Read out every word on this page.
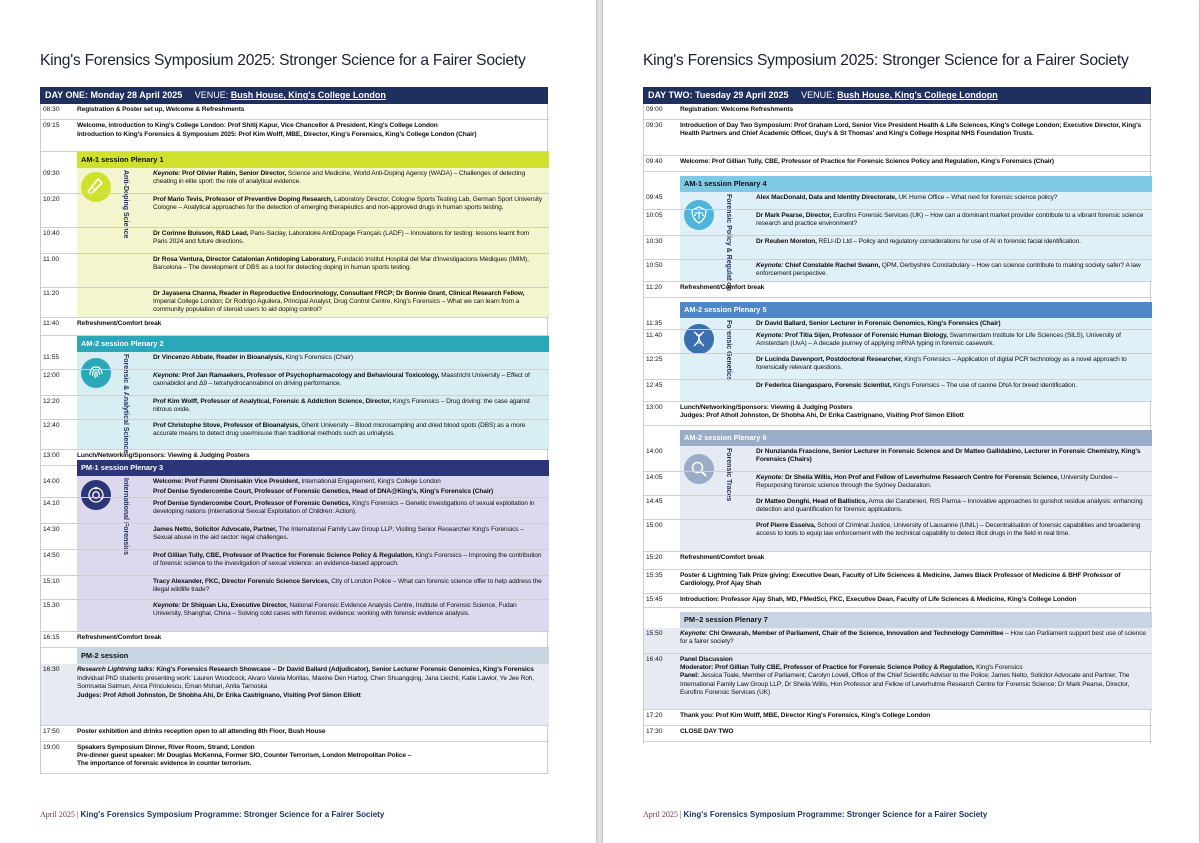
King's Forensics Symposium 2025: Stronger Science for a Fairer Society
DAY ONE: Monday 28 April 2025 VENUE: Bush House, King's College London
08:30	Registration & Poster set up, Welcome & Refreshments
09:15	Welcome, introduction to King's College London: Prof Shitij Kapur, Vice Chancellor & President, King's College London
Introduction to King's Forensics & Symposium 2025: Prof Kim Wolff, MBE, Director, King's Forensics, King's College London (Chair)
AM-1 session Plenary 1
Anti-Doping Science
09:30	Keynote: Prof Olivier Rabin, Senior Director, Science and Medicine, World Anti-Doping Agency (WADA) – Challenges of detecting cheating in elite sport: the role of analytical evidence.
10:20	Prof Mario Tevis, Professor of Preventive Doping Research, Laboratory Director, Cologne Sports Testing Lab, German Sport University Cologne – Analytical approaches for the detection of emerging therapeutics and non-approved drugs in human sports testing.
10:40	Dr Corinne Buisson, R&D Lead, Paris-Saclay, Laboratoire AntiDopage Français (LADF) – Innovations for testing: lessons learnt from Paris 2024 and future directions.
11.00	Dr Rosa Ventura, Director Catalonian Antidoping Laboratory, Fundació Institut Hospital del Mar d'Investigacions Mèdiques (IMIM), Barcelona – The development of DBS as a tool for detecting doping in human sports testing.
11:20	Dr Jayasena Channa, Reader in Reproductive Endocrinology, Consultant FRCP; Dr Bonnie Grant, Clinical Research Fellow, Imperial College London; Dr Rodrigo Aguilera, Principal Analyst, Drug Control Centre, King's Forensics – What we can learn from a community population of steroid users to aid doping control?
11:40	Refreshment/Comfort break
AM-2 session Plenary 2
Forensic & Analytical Science
11:55	Dr Vincenzo Abbate, Reader in Bioanalysis, King's Forensics (Chair)
12:00	Keynote: Prof Jan Ramaekers, Professor of Psychopharmacology and Behavioural Toxicology, Maastricht University – Effect of cannabidiol and Δ9 – tetrahydrocannabinol on driving performance.
12:20	Prof Kim Wolff, Professor of Analytical, Forensic & Addiction Science, Director, King's Forensics – Drug driving: the case against nitrous oxide.
12:40	Prof Christophe Stove, Professor of Bioanalysis, Ghent University – Blood microsampling and dried blood spots (DBS) as a more accurate means to detect drug use/misuse than traditional methods such as urinalysis.
13:00	Lunch/Networking/Sponsors: Viewing & Judging Posters
PM-1 session Plenary 3
International Forensics
14:00	Welcome: Prof Funmi Olonisakin Vice President, International Engagement, King's College London
Prof Denise Syndercombe Court, Professor of Forensic Genetics, Head of DNA@King's, King's Forensics (Chair)
14.10	Prof Denise Syndercombe Court, Professor of Forensic Genetics, King's Forensics – Genetic investigations of sexual exploitation in developing nations (International Sexual Exploitation of Children: Action).
14:30	James Netto, Solicitor Advocate, Partner, The International Family Law Group LLP; Visiting Senior Researcher King's Forensics – Sexual abuse in the aid sector: legal challenges.
14:50	Prof Gillian Tully, CBE, Professor of Practice for Forensic Science Policy & Regulation, King's Forensics – Improving the contribution of forensic science to the investigation of sexual violence: an evidence-based approach.
15:10	Tracy Alexander, FKC, Director Forensic Science Services, City of London Police – What can forensic science offer to help address the illegal wildlife trade?
15.30	Keynote: Dr Shiquan Liu, Executive Director, National Forensic Evidence Analysis Centre, Institute of Forensic Science, Fudan University, Shanghai, China – Solving cold cases with forensic evidence: working with forensic evidence analysis.
16:15	Refreshment/Comfort break
PM-2 session
16:30	Research Lightning talks: King's Forensics Research Showcase – Dr David Ballard (Adjudicator), Senior Lecturer Forensic Genomics, King's Forensics
Individual PhD students presenting work: Lauren Woodcock, Alvaro Varela Morillas, Maxine Den Hartog, Chen Shuangqing, Jana Liechti, Katie Lawlor, Ye Jee Roh, Somruetai Satmun, Anca Frinculescu, Eman Mshari, Anita Tarnoska
Judges: Prof Atholl Johnston, Dr Shobha Ahi, Dr Erika Castrignano, Visiting Prof Simon Elliott
17:50	Poster exhibition and drinks reception open to all attending 8th Floor, Bush House
19:00	Speakers Symposium Dinner, River Room, Strand, London
Pre-dinner guest speaker: Mr Douglas McKenna, Former SIO, Counter Terrorism, London Metropolitan Police –
The importance of forensic evidence in counter terrorism.
April 2025 | King's Forensics Symposium Programme: Stronger Science for a Fairer Society
King's Forensics Symposium 2025: Stronger Science for a Fairer Society
DAY TWO: Tuesday 29 April 2025 VENUE: Bush House, King's College Londopn
09:00	Registration: Welcome Refreshments
09:30	Introduction of Day Two Symposium: Prof Graham Lord, Senior Vice President Health & Life Sciences, King's College London; Executive Director, King's Health Partners and Chief Academic Officer, Guy's & St Thomas' and King's College Hospital NHS Foundation Trusts.
09:40	Welcome: Prof Gillian Tully, CBE, Professor of Practice for Forensic Science Policy and Regulation, King's Forensics (Chair)
AM-1 session Plenary 4
Forensic Policy & Regulation
09:45	Alex MacDonald, Data and Identity Directorate, UK Home Office – What next for forensic science policy?
10:05	Dr Mark Pearse, Director, Eurofins Forensic Services (UK) – How can a dominant market provider contribute to a vibrant forensic science research and practice environment?
10:30	Dr Reuben Moreton, RELI-ID Ltd – Policy and regulatory considerations for use of AI in forensic facial identification.
10:50	Keynote: Chief Constable Rachel Swann, QPM, Derbyshire Constabulary – How can science contribute to making society safer? A law enforcement perspective.
11:20	Refreshment/Comfort break
AM-2 session Plenary 5
Forensic Genetics
11:35	Dr David Ballard, Senior Lecturer in Forensic Genomics, King's Forensics (Chair)
11:40	Keynote: Prof Titia Sijen, Professor of Forensic Human Biology, Swammerdam Institute for Life Sciences (SILS), University of Amsterdam (UvA) – A decade journey of applying mRNA typing in forensic casework.
12:25	Dr Lucinda Davenport, Postdoctoral Researcher, King's Forensics – Application of digital PCR technology as a novel approach to forensically relevant questions.
12:45	Dr Federica Giangasparo, Forensic Scientist, King's Forensics – The use of canine DNA for breed identification.
13:00	Lunch/Networking/Sponsors: Viewing & Judging Posters
Judges: Prof Atholl Johnston, Dr Shobha Ahi, Dr Erika Castrignano, Visiting Prof Simon Elliott
AM-2 session Plenary 6
Forensic Traces
14:00	Dr Nunzianda Frascione, Senior Lecturer in Forensic Science and Dr Matteo Gallidabino, Lecturer in Forensic Chemistry, King's Forensics (Chairs)
14:05	Keynote: Dr Sheila Willis, Hon Prof and Fellow of Leverhulme Research Centre for Forensic Science, University Dundee – Repurposing forensic science through the Sydney Declaration.
14:45	Dr Matteo Donghi, Head of Ballistics, Arma dei Carabinieri, RIS Parma – Innovative approaches to gunshot residue analysis: enhancing detection and quantification for forensic applications.
15:00	Prof Pierre Esseiva, School of Criminal Justice, University of Lausanne (UNIL) – Decentralisation of forensic capabilities and broadening access to tools to equip law enforcement with the technical capability to detect illicit drugs in the field in real time.
15:20	Refreshment/Comfort break
15:35	Poster & Lightning Talk Prize giving: Executive Dean, Faculty of Life Sciences & Medicine, James Black Professor of Medicine & BHF Professor of Cardiology, Prof Ajay Shah
15:45	Introduction: Professor Ajay Shah, MD, FMedSci, FKC, Executive Dean, Faculty of Life Sciences & Medicine, King's College London
PM–2 session Plenary 7
15:50	Keynote: Chi Onwurah, Member of Parliament, Chair of the Science, Innovation and Technology Committee – How can Parliament support best use of science for a fairer society?
16:40	Panel Discussion
Moderator: Prof Gillian Tully CBE, Professor of Practice for Forensic Science Policy & Regulation, King's Forensics
Panel: Jessica Toale, Member of Parliament; Carolyn Lovell, Office of the Chief Scientific Advisor to the Police; James Netto, Solicitor Advocate and Partner, The International Family Law Group LLP; Dr Sheila Willis, Hon Professor and Fellow of Leverhulme Research Centre for Forensic Science; Dr Mark Pearse, Director, Eurofins Forensic Services (UK)
17:20	Thank you: Prof Kim Wolff, MBE, Director King's Forensics, King's College London
17:30	CLOSE DAY TWO
April 2025 | King's Forensics Symposium Programme: Stronger Science for a Fairer Society
